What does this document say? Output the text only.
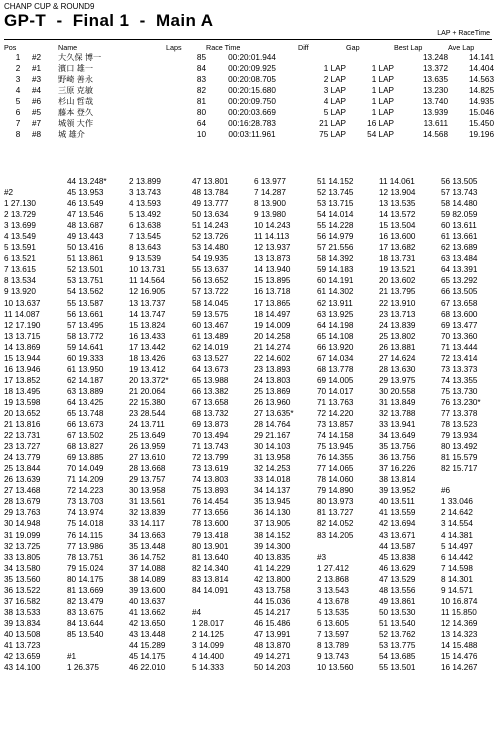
CHANP CUP & ROUND9
GP-T  -  Final 1  -  Main A
LAP + RaceTime
Pos		Name	Laps	Race Time	Diff	Gap	Best Lap	Ave Lap
1	#2	大久保 博一	85	00:20:01.944			13.248	14.141
2	#1	濱口 雄一	84	00:20:09.925	1 LAP	1 LAP	13.372	14.404
3	#3	野崎 善永	83	00:20:08.705	2 LAP	1 LAP	13.635	14.563
4	#4	三原 克敏	82	00:20:15.680	3 LAP	1 LAP	13.230	14.825
5	#6	杉山 哲哉	81	00:20:09.750	4 LAP	1 LAP	13.740	14.935
6	#5	藤本 登久	80	00:20:03.669	5 LAP	1 LAP	13.939	15.046
7	#7	城領 大作	64	00:16:28.783	21 LAP	16 LAP	13.611	15.450
8	#8	城 雄介	10	00:03:11.961	75 LAP	54 LAP	14.568	19.196
#2
1 27.130
2 13.729
3 13.699
4 13.549
5 13.591
6 13.521
7 13.615
8 13.534
9 13.920
10 13.637
11 14.087
12 17.190
13 13.715
14 13.869
15 13.944
16 13.946
17 13.852
18 13.495
19 13.598
20 13.652
21 13.816
22 13.731
23 13.727
24 13.779
25 13.844
26 13.639
27 13.468
28 13.679
29 13.763
30 14.948
31 19.099
32 13.725
33 13.805
34 13.580
35 13.560
36 13.522
37 16.582
38 13.533
39 13.834
40 13.508
41 13.723
42 13.659
43 14.100
44 13.248*
45 13.953
46 13.549
47 13.546
48 13.687
49 13.443
50 13.416
51 13.861
52 13.501
53 13.751
54 13.562
55 13.587
56 13.661
57 13.495
58 13.772
59 14.641
60 19.333
61 13.950
62 14.187
63 13.889
64 13.425
65 13.748
66 13.673
67 13.502
68 13.827
69 13.885
70 14.049
71 14.209
72 14.223
73 13.703
74 13.974
75 14.018
76 14.115
77 13.986
78 13.751
79 15.024
80 14.175
81 13.669
82 13.479
83 13.675
84 13.644
85 13.540
#1
1 26.375
2 13.899
3 13.743
4 13.593
5 13.492
6 13.638
7 13.545
8 13.643
9 13.539
10 13.731
11 14.564
12 16.905
13 13.737
14 13.747
15 13.824
16 13.433
17 13.442
18 13.426
19 13.412
20 13.372*
21 20.064
22 15.380
23 28.544
24 13.711
25 13.649
26 13.959
27 13.610
28 13.668
29 13.757
30 13.958
31 13.561
32 13.839
33 14.117
34 13.663
35 13.448
36 14.752
37 14.088
38 14.089
39 13.600
40 13.637
41 13.662
42 13.650
43 13.448
44 15.289
45 14.175
46 22.010
47 13.801
48 13.784
49 13.777
50 13.634
51 14.243
52 13.726
53 14.480
54 19.935
55 13.637
56 13.652
57 13.722
58 14.045
59 13.575
60 13.467
61 13.489
62 14.019
63 13.527
64 13.673
65 13.988
66 13.382
67 13.658
68 13.732
69 13.873
70 13.494
71 13.743
72 13.799
73 13.619
74 13.803
75 13.893
76 14.454
77 13.656
78 13.600
79 13.418
80 13.901
81 13.640
82 14.340
83 13.814
84 14.091
#4
1 28.017
2 14.125
3 14.099
4 14.400
5 14.333
6 13.977
7 14.287
8 13.900
9 13.980
10 14.243
11 14.113
12 13.937
13 13.873
14 13.940
15 13.895
16 13.718
17 13.865
18 14.497
19 14.009
20 14.258
21 14.274
22 14.602
23 13.893
24 13.803
25 13.869
26 13.960
27 13.635*
28 14.764
29 21.167
30 14.103
31 13.958
32 14.253
33 14.018
34 14.137
35 13.945
36 14.130
37 13.905
38 14.152
39 14.300
40 13.835
41 14.229
42 13.800
43 13.758
44 15.036
45 14.217
46 15.486
47 13.991
48 13.870
49 14.271
50 14.203
51 14.152
52 13.745
53 13.715
54 14.014
55 14.228
56 14.979
57 21.556
58 14.392
59 14.183
60 14.191
61 14.302
62 13.911
63 13.925
64 14.198
65 14.108
66 13.920
67 14.034
68 13.778
69 14.005
70 14.017
71 13.763
72 14.220
73 13.857
74 14.158
75 13.945
76 14.355
77 14.065
78 14.060
79 14.890
80 13.973
81 13.727
82 14.052
83 14.205
#3
1 27.412
2 13.868
3 13.543
4 13.678
5 13.535
6 13.605
7 13.597
8 13.789
9 13.743
10 13.560
11 14.061
12 13.904
13 13.535
14 13.572
15 13.504
16 13.600
17 13.682
18 13.731
19 13.521
20 13.602
21 13.795
22 13.910
23 13.713
24 13.839
25 13.802
26 13.881
27 14.624
28 13.630
29 13.975
30 20.558
31 13.849
32 13.788
33 13.941
34 13.649
35 13.756
36 13.756
37 16.226
38 13.814
39 13.952
40 13.511
41 13.559
42 13.694
43 13.671
44 13.587
45 13.838
46 13.629
47 13.529
48 13.556
49 13.861
50 13.530
51 13.540
52 13.762
53 13.775
54 13.685
55 13.501
56 13.505
57 13.743
58 14.480
59 82.059
60 13.611
61 13.661
62 13.689
63 13.484
64 13.391
65 13.292
66 13.505
67 13.658
68 13.600
69 13.477
70 13.360
71 13.444
72 13.414
73 13.373
74 13.355
75 13.730
76 13.230*
77 13.378
78 13.523
79 13.934
80 13.492
81 15.579
82 15.717
#6
1 33.046
2 14.642
3 14.554
4 14.381
5 14.497
6 14.442
7 14.598
8 14.301
9 14.571
10 16.874
11 15.850
12 14.369
13 14.323
14 15.488
15 14.476
16 14.267
